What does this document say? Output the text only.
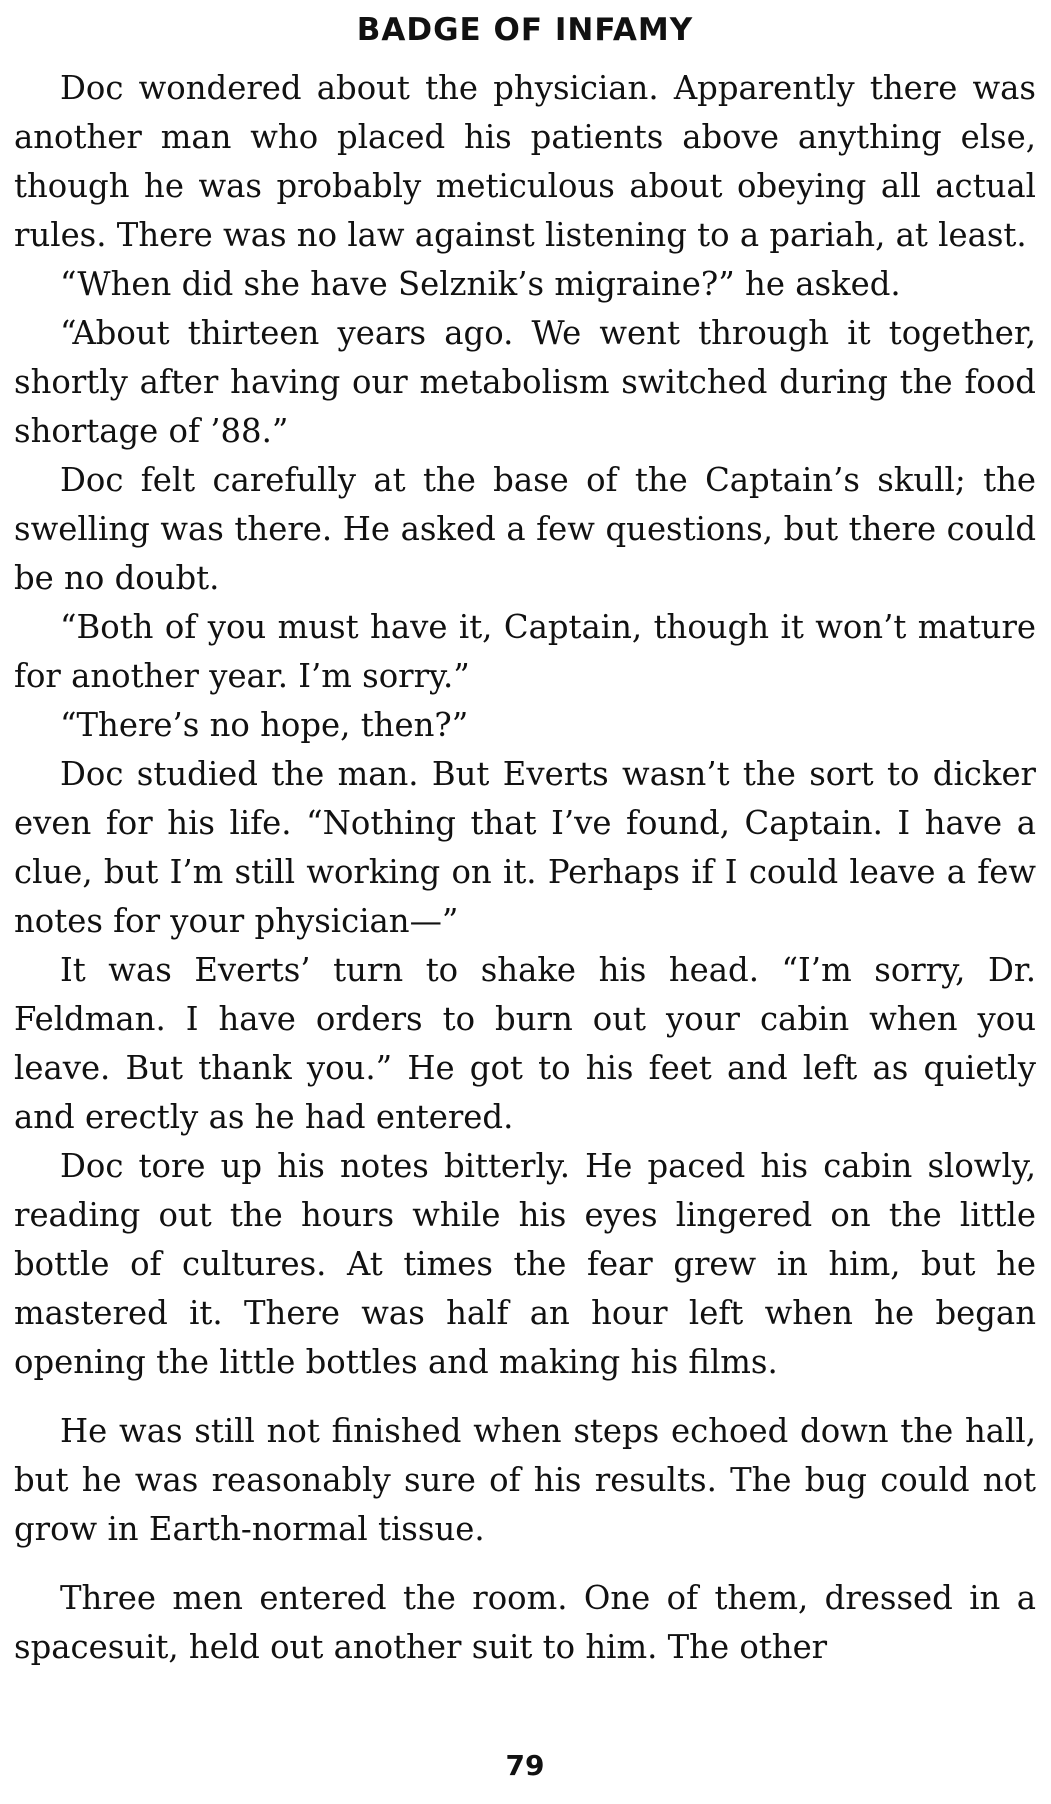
BADGE OF INFAMY

Doc wondered about the physician. Apparently there was another man who placed his patients above anything else, though he was probably meticulous about obeying all actual rules. There was no law against listening to a pariah, at least.

“When did she have Selznik’s migraine?” he asked.

“About thirteen years ago. We went through it together, shortly after having our metabolism switched during the food shortage of ’88.”

Doc felt carefully at the base of the Captain’s skull; the swelling was there. He asked a few questions, but there could be no doubt.

“Both of you must have it, Captain, though it won’t mature for another year. I’m sorry.”

“There’s no hope, then?”

Doc studied the man. But Everts wasn’t the sort to dicker even for his life. “Nothing that I’ve found, Captain. I have a clue, but I’m still working on it. Perhaps if I could leave a few notes for your physician—”

It was Everts’ turn to shake his head. “I’m sorry, Dr. Feldman. I have orders to burn out your cabin when you leave. But thank you.” He got to his feet and left as quietly and erectly as he had entered.

Doc tore up his notes bitterly. He paced his cabin slowly, reading out the hours while his eyes lingered on the little bottle of cultures. At times the fear grew in him, but he mastered it. There was half an hour left when he began opening the little bottles and making his films.

He was still not finished when steps echoed down the hall, but he was reasonably sure of his results. The bug could not grow in Earth-normal tissue.

Three men entered the room. One of them, dressed in a spacesuit, held out another suit to him. The other

79
